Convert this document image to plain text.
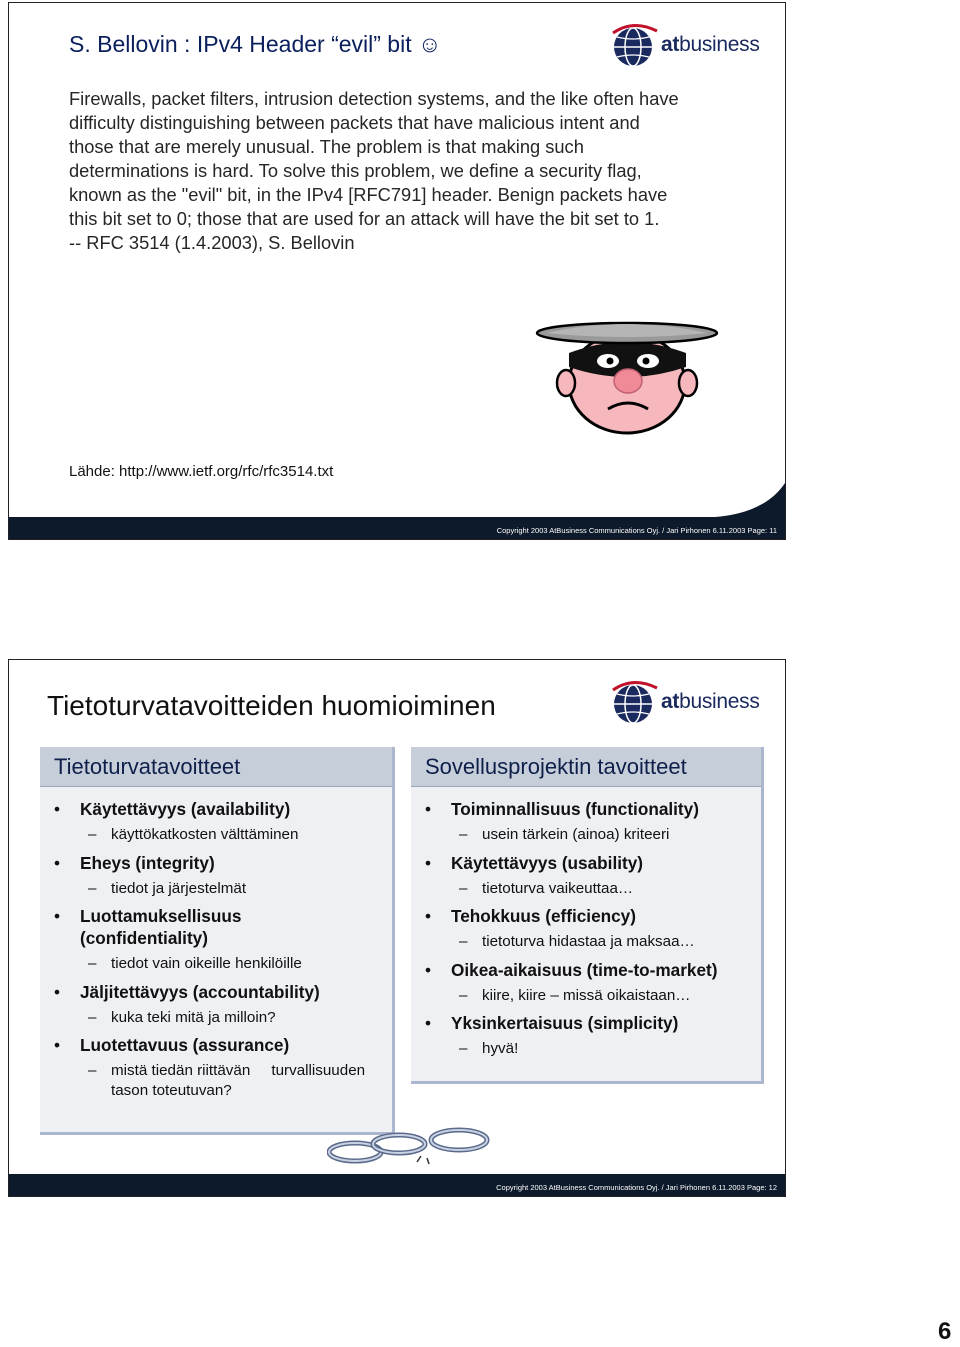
S. Bellovin : IPv4 Header “evil” bit ☺	atbusiness
Firewalls, packet filters, intrusion detection systems, and the like often have
difficulty distinguishing between packets that have malicious intent and
those that are merely unusual. The problem is that making such
determinations is hard. To solve this problem, we define a security flag,
known as the "evil" bit, in the IPv4 [RFC791] header. Benign packets have
this bit set to 0; those that are used for an attack will have the bit set to 1.
-- RFC 3514 (1.4.2003), S. Bellovin
Lähde: http://www.ietf.org/rfc/rfc3514.txt
Copyright 2003 AtBusiness Communications Oyj. / Jari Pirhonen 6.11.2003 Page: 11
Tietoturvatavoitteiden huomioiminen	atbusiness
Tietoturvatavoitteet
• Käytettävyys (availability)
– käyttökatkosten välttäminen
• Eheys (integrity)
– tiedot ja järjestelmät
• Luottamuksellisuus
(confidentiality)
– tiedot vain oikeille henkilöille
• Jäljitettävyys (accountability)
– kuka teki mitä ja milloin?
• Luotettavuus (assurance)
– mistä tiedän riittävän     turvallisuuden
tason toteutuvan?
Sovellusprojektin tavoitteet
• Toiminnallisuus (functionality)
– usein tärkein (ainoa) kriteeri
• Käytettävyys (usability)
– tietoturva vaikeuttaa…
• Tehokkuus (efficiency)
– tietoturva hidastaa ja maksaa…
• Oikea-aikaisuus (time-to-market)
– kiire, kiire – missä oikaistaan…
• Yksinkertaisuus (simplicity)
– hyvä!
Copyright 2003 AtBusiness Communications Oyj. / Jari Pirhonen 6.11.2003 Page: 12
6
